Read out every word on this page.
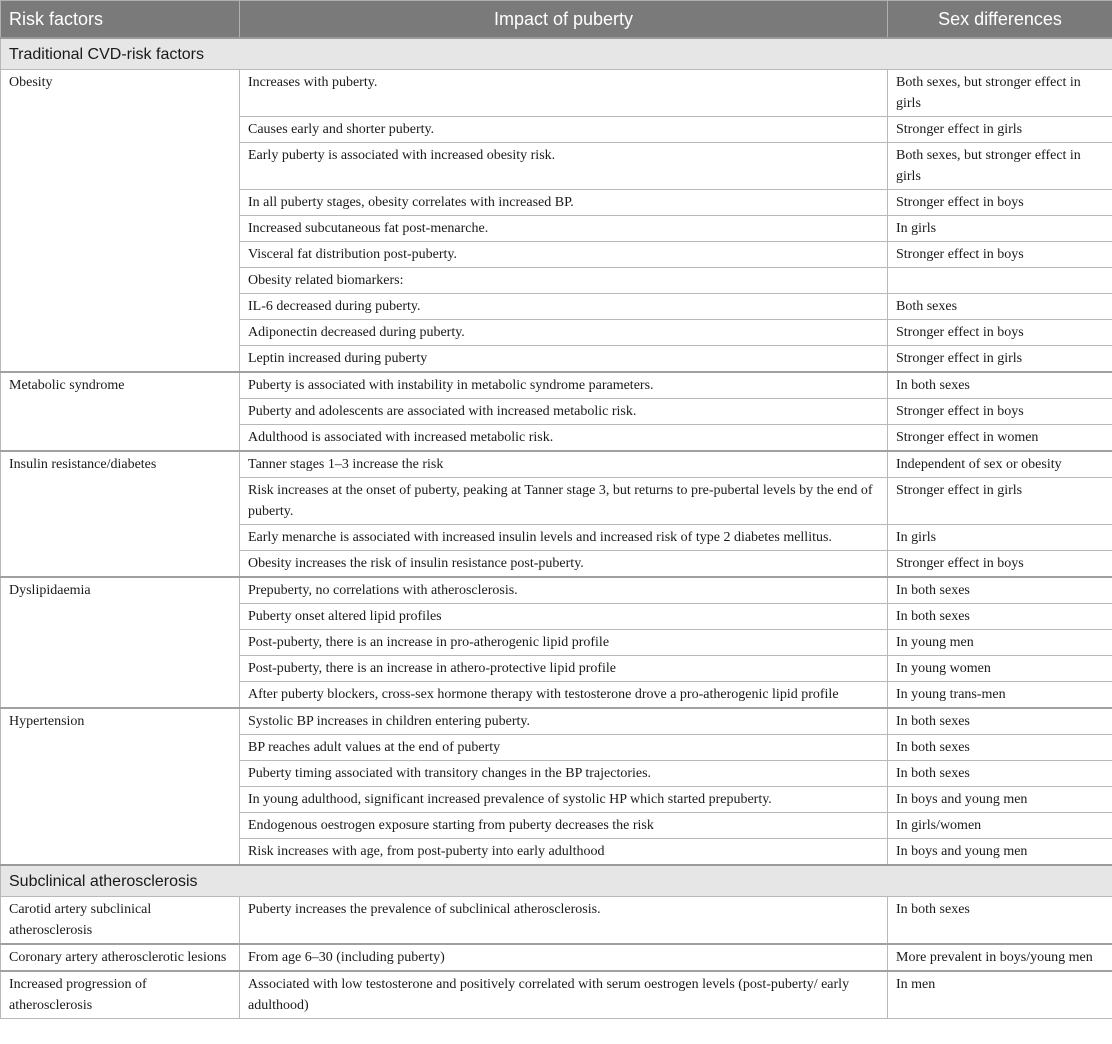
Risk factors	Impact of puberty	Sex differences
Traditional CVD-risk factors		
Obesity	Increases with puberty.	Both sexes, but stronger effect in girls
	Causes early and shorter puberty.	Stronger effect in girls
	Early puberty is associated with increased obesity risk.	Both sexes, but stronger effect in girls
	In all puberty stages, obesity correlates with increased BP.	Stronger effect in boys
	Increased subcutaneous fat post-menarche.	In girls
	Visceral fat distribution post-puberty.	Stronger effect in boys
	Obesity related biomarkers:	
	IL-6 decreased during puberty.	Both sexes
	Adiponectin decreased during puberty.	Stronger effect in boys
	Leptin increased during puberty	Stronger effect in girls
Metabolic syndrome	Puberty is associated with instability in metabolic syndrome parameters.	In both sexes
	Puberty and adolescents are associated with increased metabolic risk.	Stronger effect in boys
	Adulthood is associated with increased metabolic risk.	Stronger effect in women
Insulin resistance/diabetes	Tanner stages 1–3 increase the risk	Independent of sex or obesity
	Risk increases at the onset of puberty, peaking at Tanner stage 3, but returns to pre-pubertal levels by the end of puberty.	Stronger effect in girls
	Early menarche is associated with increased insulin levels and increased risk of type 2 diabetes mellitus.	In girls
	Obesity increases the risk of insulin resistance post-puberty.	Stronger effect in boys
Dyslipidaemia	Prepuberty, no correlations with atherosclerosis.	In both sexes
	Puberty onset altered lipid profiles	In both sexes
	Post-puberty, there is an increase in pro-atherogenic lipid profile	In young men
	Post-puberty, there is an increase in athero-protective lipid profile	In young women
	After puberty blockers, cross-sex hormone therapy with testosterone drove a pro-atherogenic lipid profile	In young trans-men
Hypertension	Systolic BP increases in children entering puberty.	In both sexes
	BP reaches adult values at the end of puberty	In both sexes
	Puberty timing associated with transitory changes in the BP trajectories.	In both sexes
	In young adulthood, significant increased prevalence of systolic HP which started prepuberty.	In boys and young men
	Endogenous oestrogen exposure starting from puberty decreases the risk	In girls/women
	Risk increases with age, from post-puberty into early adulthood	In boys and young men
Subclinical atherosclerosis		
Carotid artery subclinical atherosclerosis	Puberty increases the prevalence of subclinical atherosclerosis.	In both sexes
Coronary artery atherosclerotic lesions	From age 6–30 (including puberty)	More prevalent in boys/young men
Increased progression of atherosclerosis	Associated with low testosterone and positively correlated with serum oestrogen levels (post-puberty/ early adulthood)	In men
